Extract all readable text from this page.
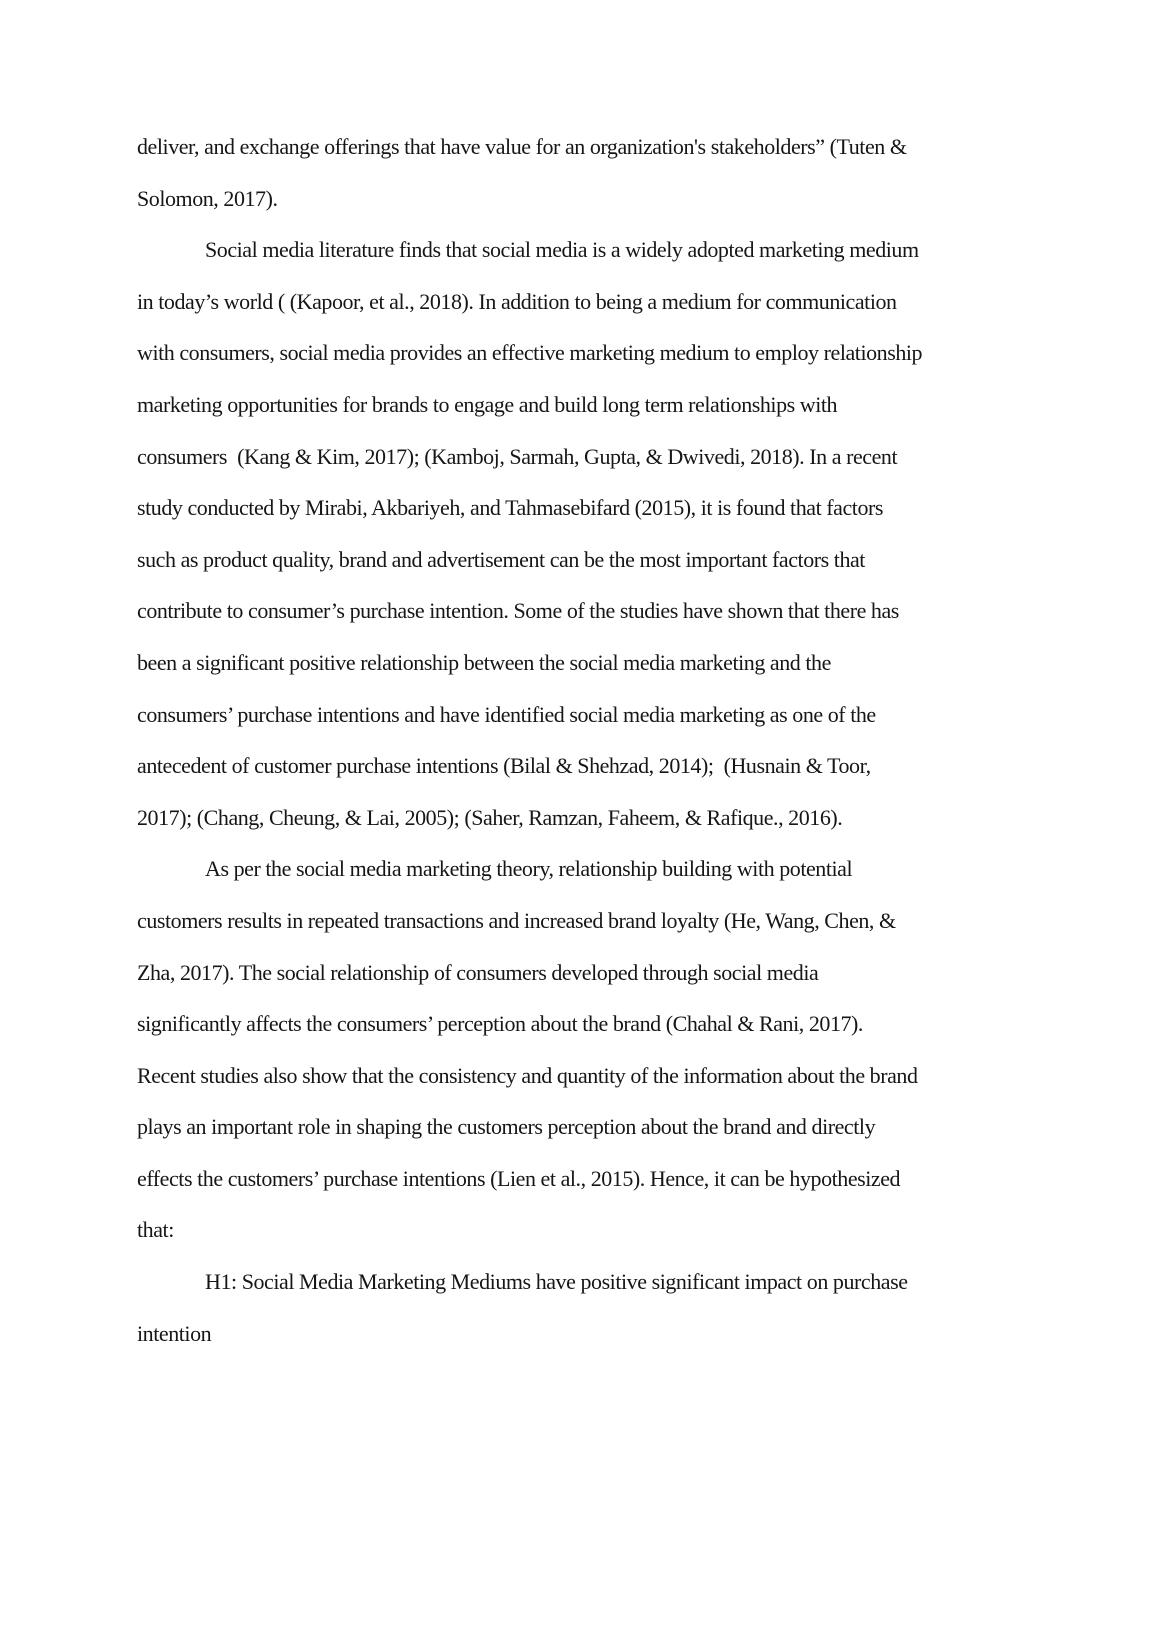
deliver, and exchange offerings that have value for an organization's stakeholders” (Tuten &
Solomon, 2017).
Social media literature finds that social media is a widely adopted marketing medium
in today’s world ( (Kapoor, et al., 2018). In addition to being a medium for communication
with consumers, social media provides an effective marketing medium to employ relationship
marketing opportunities for brands to engage and build long term relationships with
consumers  (Kang & Kim, 2017); (Kamboj, Sarmah, Gupta, & Dwivedi, 2018). In a recent
study conducted by Mirabi, Akbariyeh, and Tahmasebifard (2015), it is found that factors
such as product quality, brand and advertisement can be the most important factors that
contribute to consumer’s purchase intention. Some of the studies have shown that there has
been a significant positive relationship between the social media marketing and the
consumers’ purchase intentions and have identified social media marketing as one of the
antecedent of customer purchase intentions (Bilal & Shehzad, 2014);  (Husnain & Toor,
2017); (Chang, Cheung, & Lai, 2005); (Saher, Ramzan, Faheem, & Rafique., 2016).
As per the social media marketing theory, relationship building with potential
customers results in repeated transactions and increased brand loyalty (He, Wang, Chen, &
Zha, 2017). The social relationship of consumers developed through social media
significantly affects the consumers’ perception about the brand (Chahal & Rani, 2017).
Recent studies also show that the consistency and quantity of the information about the brand
plays an important role in shaping the customers perception about the brand and directly
effects the customers’ purchase intentions (Lien et al., 2015). Hence, it can be hypothesized
that:
H1: Social Media Marketing Mediums have positive significant impact on purchase
intention
